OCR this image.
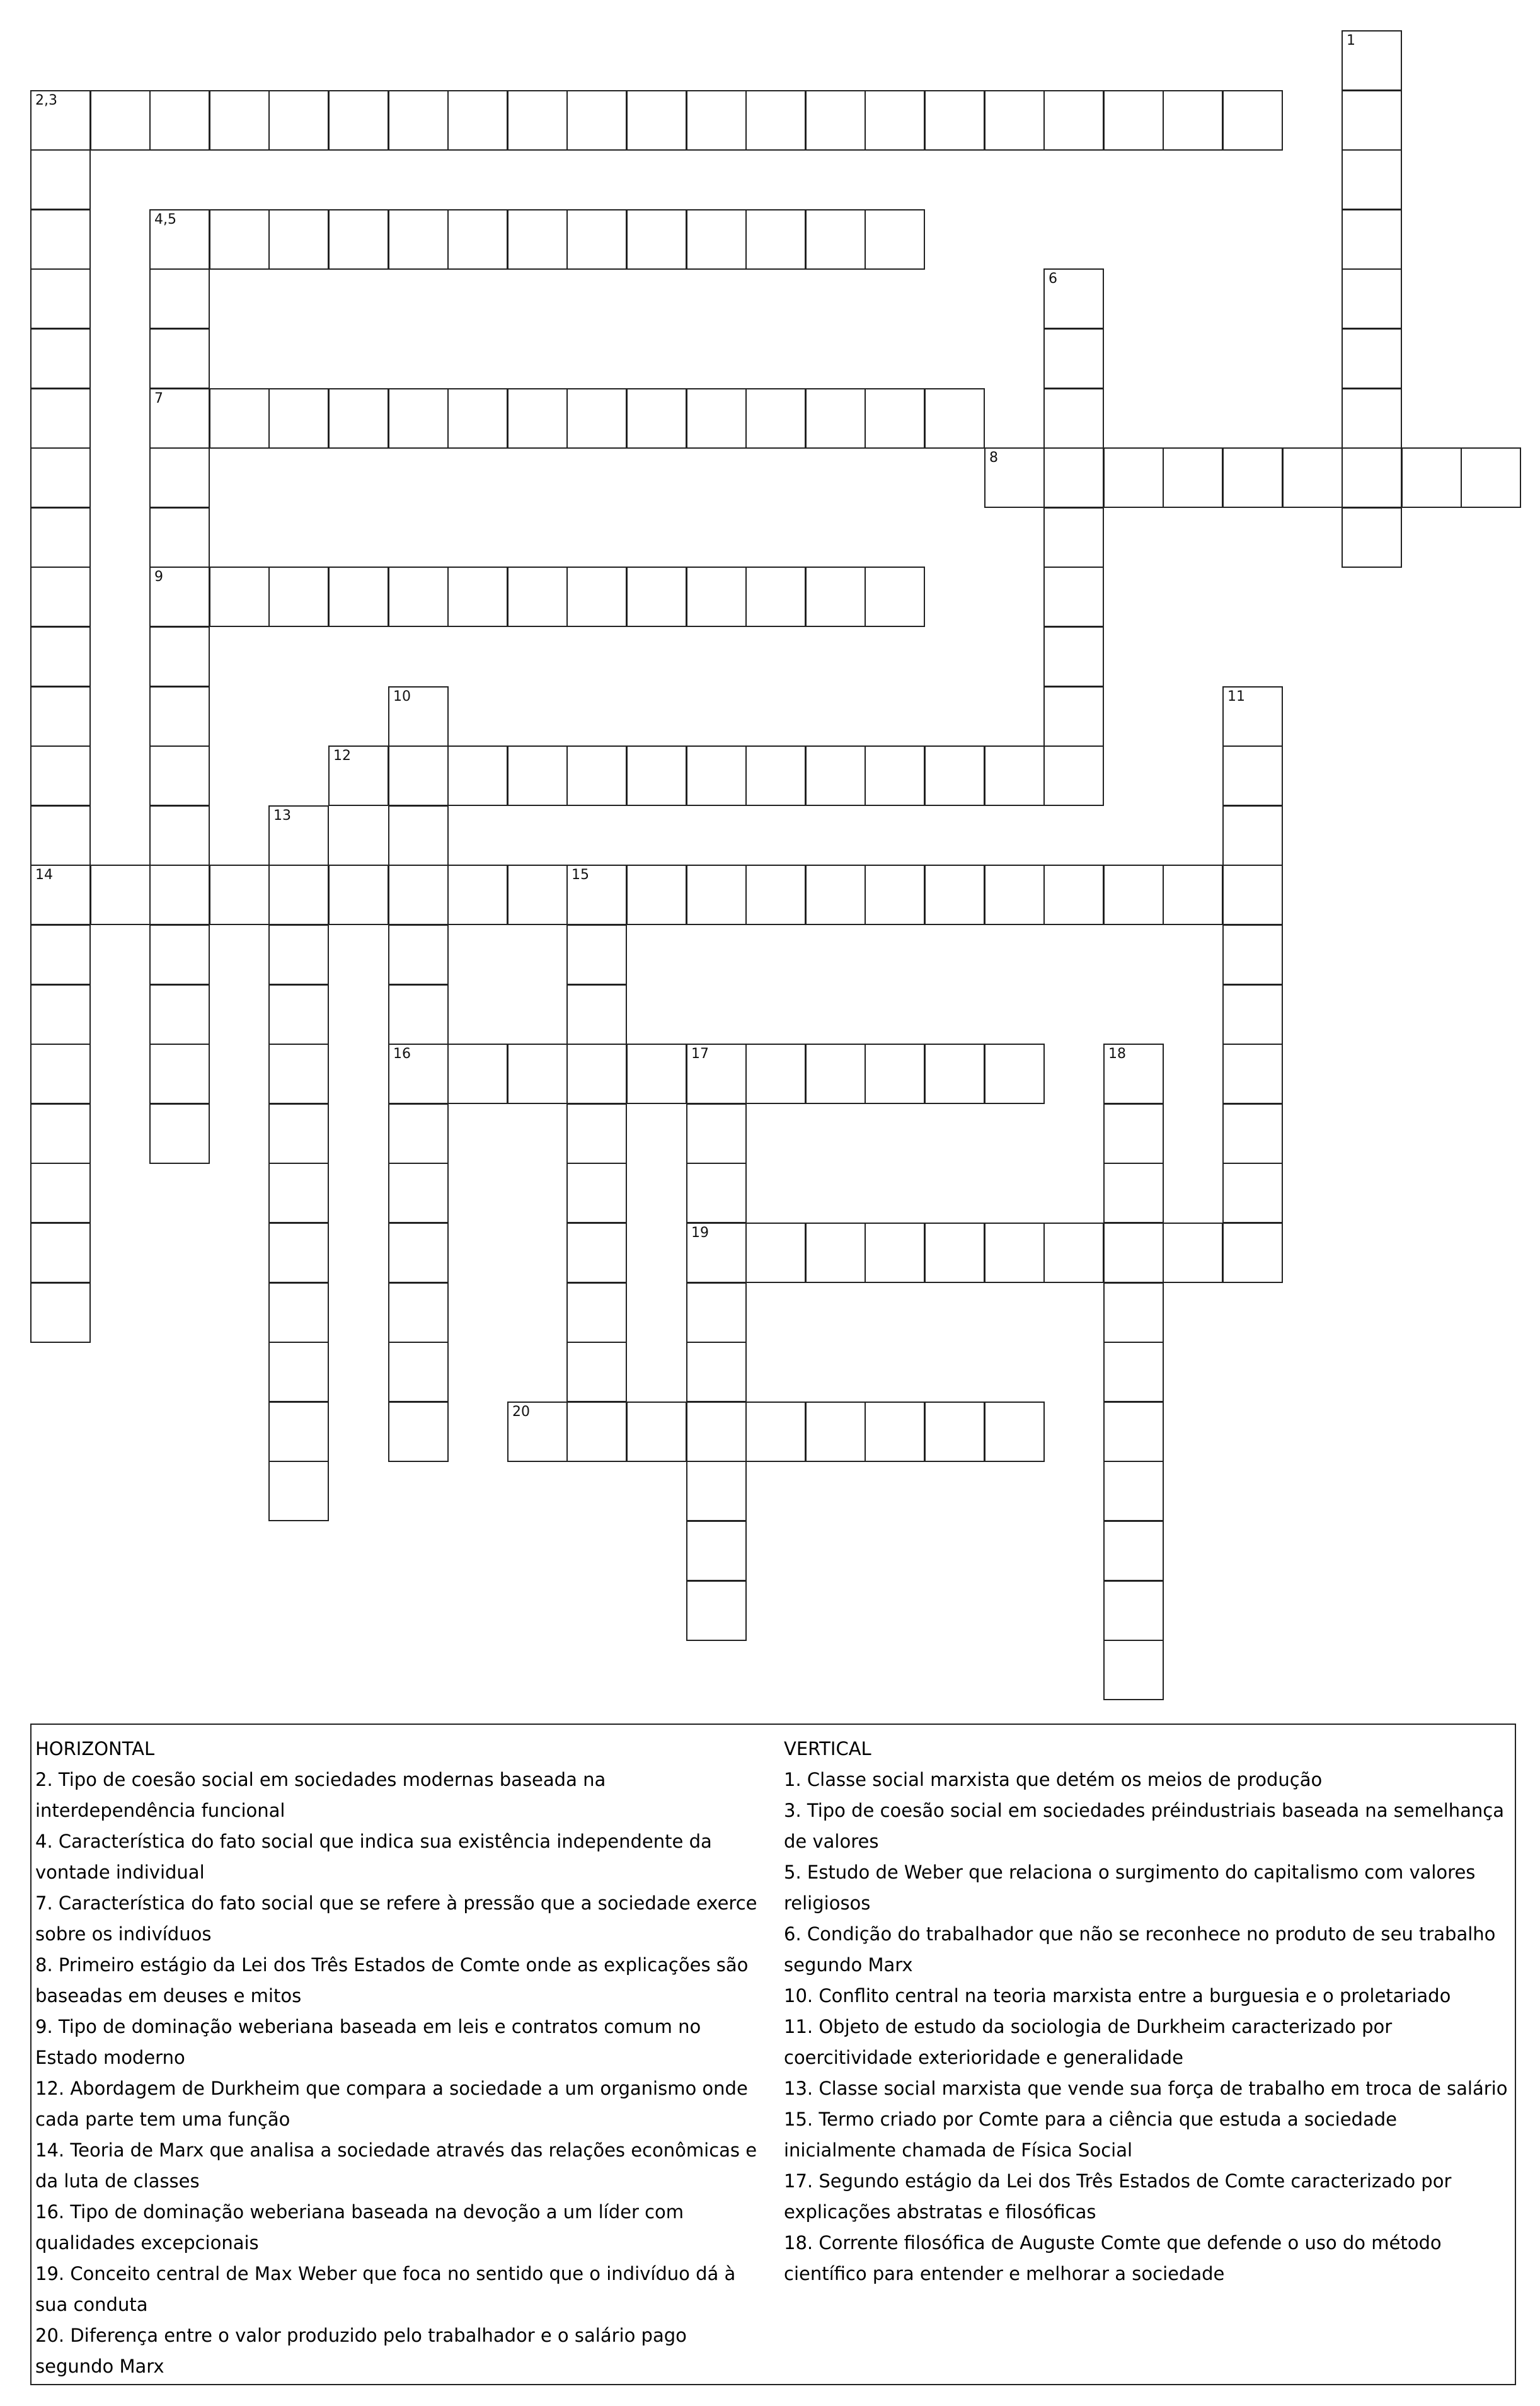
1
2,3
14
4,5
7
9
6
8
10
16
11
12
13
15
17
19
18
20
HORIZONTAL
2. Tipo de coesão social em sociedades modernas baseada na interdependência funcional
4. Característica do fato social que indica sua existência independente da vontade individual
7. Característica do fato social que se refere à pressão que a sociedade exerce sobre os indivíduos
8. Primeiro estágio da Lei dos Três Estados de Comte onde as explicações são baseadas em deuses e mitos
9. Tipo de dominação weberiana baseada em leis e contratos comum no Estado moderno
12. Abordagem de Durkheim que compara a sociedade a um organismo onde cada parte tem uma função
14. Teoria de Marx que analisa a sociedade através das relações econômicas e da luta de classes
16. Tipo de dominação weberiana baseada na devoção a um líder com qualidades excepcionais
19. Conceito central de Max Weber que foca no sentido que o indivíduo dá à sua conduta
20. Diferença entre o valor produzido pelo trabalhador e o salário pago segundo Marx
VERTICAL
1. Classe social marxista que detém os meios de produção
3. Tipo de coesão social em sociedades préindustriais baseada na semelhança de valores
5. Estudo de Weber que relaciona o surgimento do capitalismo com valores religiosos
6. Condição do trabalhador que não se reconhece no produto de seu trabalho segundo Marx
10. Conflito central na teoria marxista entre a burguesia e o proletariado
11. Objeto de estudo da sociologia de Durkheim caracterizado por coercitividade exterioridade e generalidade
13. Classe social marxista que vende sua força de trabalho em troca de salário
15. Termo criado por Comte para a ciência que estuda a sociedade inicialmente chamada de Física Social
17. Segundo estágio da Lei dos Três Estados de Comte caracterizado por explicações abstratas e filosóficas
18. Corrente filosófica de Auguste Comte que defende o uso do método científico para entender e melhorar a sociedade
